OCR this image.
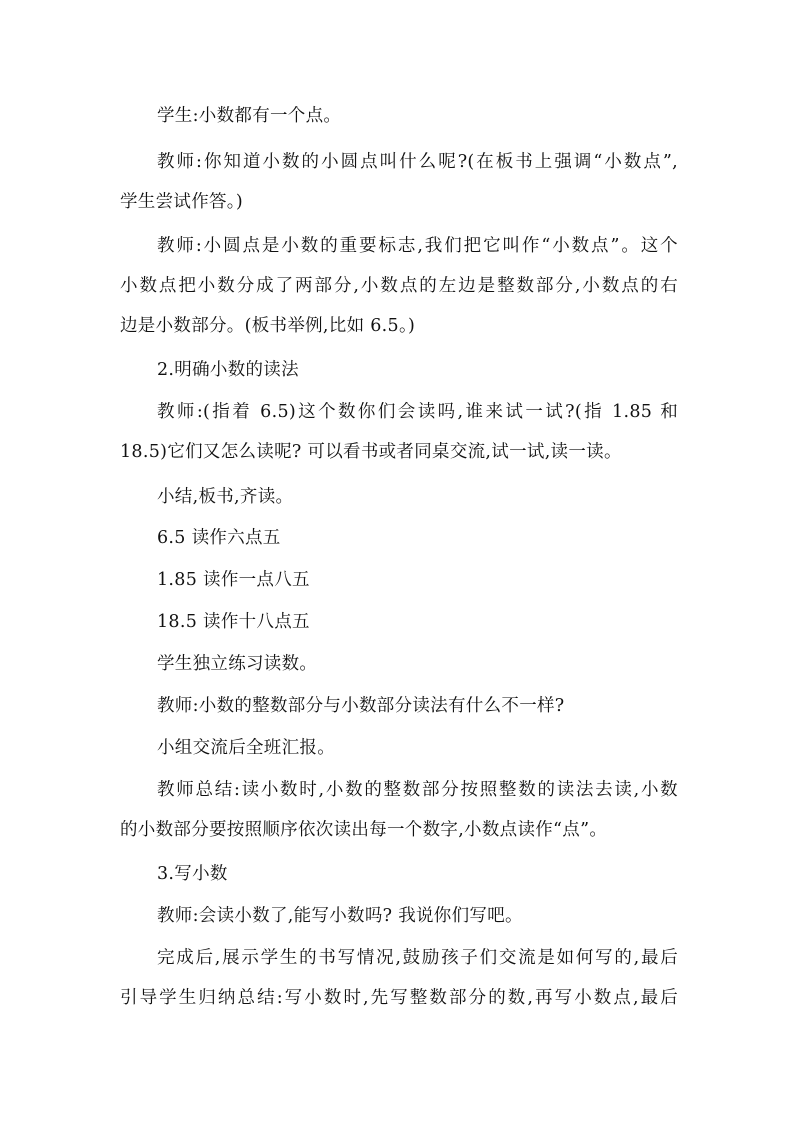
学生:小数都有一个点。
教师:你知道小数的小圆点叫什么呢?(在板书上强调“小数点”,
学生尝试作答。)
教师:小圆点是小数的重要标志,我们把它叫作“小数点”。这个
小数点把小数分成了两部分,小数点的左边是整数部分,小数点的右
边是小数部分。(板书举例,比如 6.5。)
2.明确小数的读法
教师:(指着 6.5)这个数你们会读吗,谁来试一试?(指 1.85 和
18.5)它们又怎么读呢? 可以看书或者同桌交流,试一试,读一读。
小结,板书,齐读。
6.5 读作六点五
1.85 读作一点八五
18.5 读作十八点五
学生独立练习读数。
教师:小数的整数部分与小数部分读法有什么不一样?
小组交流后全班汇报。
教师总结:读小数时,小数的整数部分按照整数的读法去读,小数
的小数部分要按照顺序依次读出每一个数字,小数点读作“点”。
3.写小数
教师:会读小数了,能写小数吗? 我说你们写吧。
完成后,展示学生的书写情况,鼓励孩子们交流是如何写的,最后
引导学生归纳总结:写小数时,先写整数部分的数,再写小数点,最后
